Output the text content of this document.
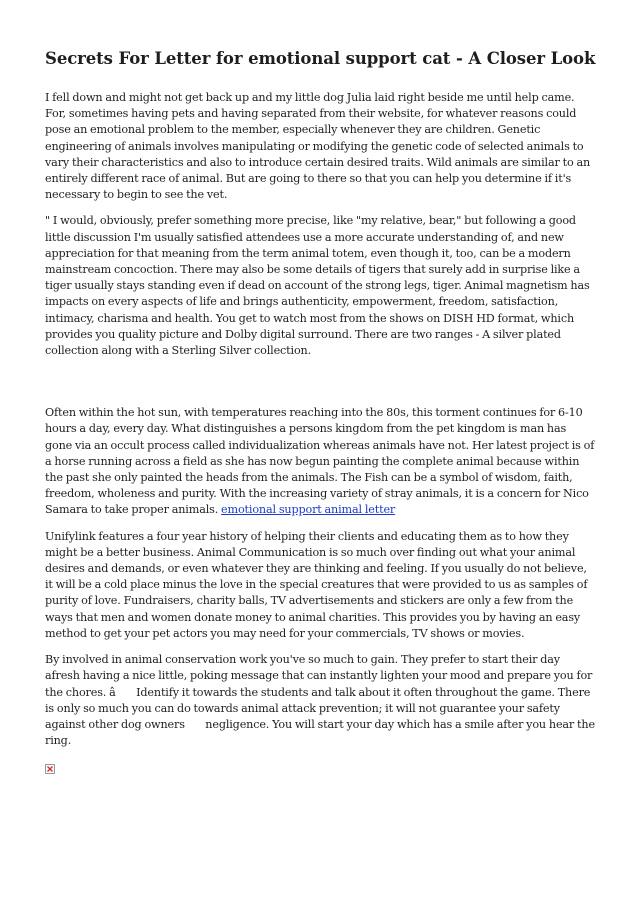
Secrets For Letter for emotional support cat - A Closer Look

I fell down and might not get back up and my little dog Julia laid right beside me until help came. For, sometimes having pets and having separated from their website, for whatever reasons could pose an emotional problem to the member, especially whenever they are children. Genetic engineering of animals involves manipulating or modifying the genetic code of selected animals to vary their characteristics and also to introduce certain desired traits. Wild animals are similar to an entirely different race of animal. But are going to there so that you can help you determine if it's necessary to begin to see the vet.

" I would, obviously, prefer something more precise, like "my relative, bear," but following a good little discussion I'm usually satisfied attendees use a more accurate understanding of, and new appreciation for that meaning from the term animal totem, even though it, too, can be a modern mainstream concoction. There may also be some details of tigers that surely add in surprise like a tiger usually stays standing even if dead on account of the strong legs, tiger. Animal magnetism has impacts on every aspects of life and brings authenticity, empowerment, freedom, satisfaction, intimacy, charisma and health. You get to watch most from the shows on DISH HD format, which provides you quality picture and Dolby digital surround. There are two ranges - A silver plated collection along with a Sterling Silver collection.

Often within the hot sun, with temperatures reaching into the 80s, this torment continues for 6-10 hours a day, every day. What distinguishes a persons kingdom from the pet kingdom is man has gone via an occult process called individualization whereas animals have not. Her latest project is of a horse running across a field as she has now begun painting the complete animal because within the past she only painted the heads from the animals. The Fish can be a symbol of wisdom, faith, freedom, wholeness and purity. With the increasing variety of stray animals, it is a concern for Nico Samara to take proper animals. emotional support animal letter

Unifylink features a four year history of helping their clients and educating them as to how they might be a better business. Animal Communication is so much over finding out what your animal desires and demands, or even whatever they are thinking and feeling. If you usually do not believe, it will be a cold place minus the love in the special creatures that were provided to us as samples of purity of love. Fundraisers, charity balls, TV advertisements and stickers are only a few from the ways that men and women donate money to animal charities. This provides you by having an easy method to get your pet actors you may need for your commercials, TV shows or movies.

By involved in animal conservation work you've so much to gain. They prefer to start their day afresh having a nice little, poking message that can instantly lighten your mood and prepare you for the chores. â Identify it towards the students and talk about it often throughout the game. There is only so much you can do towards animal attack prevention; it will not guarantee your safety against other dog owners negligence. You will start your day which has a smile after you hear the ring.
